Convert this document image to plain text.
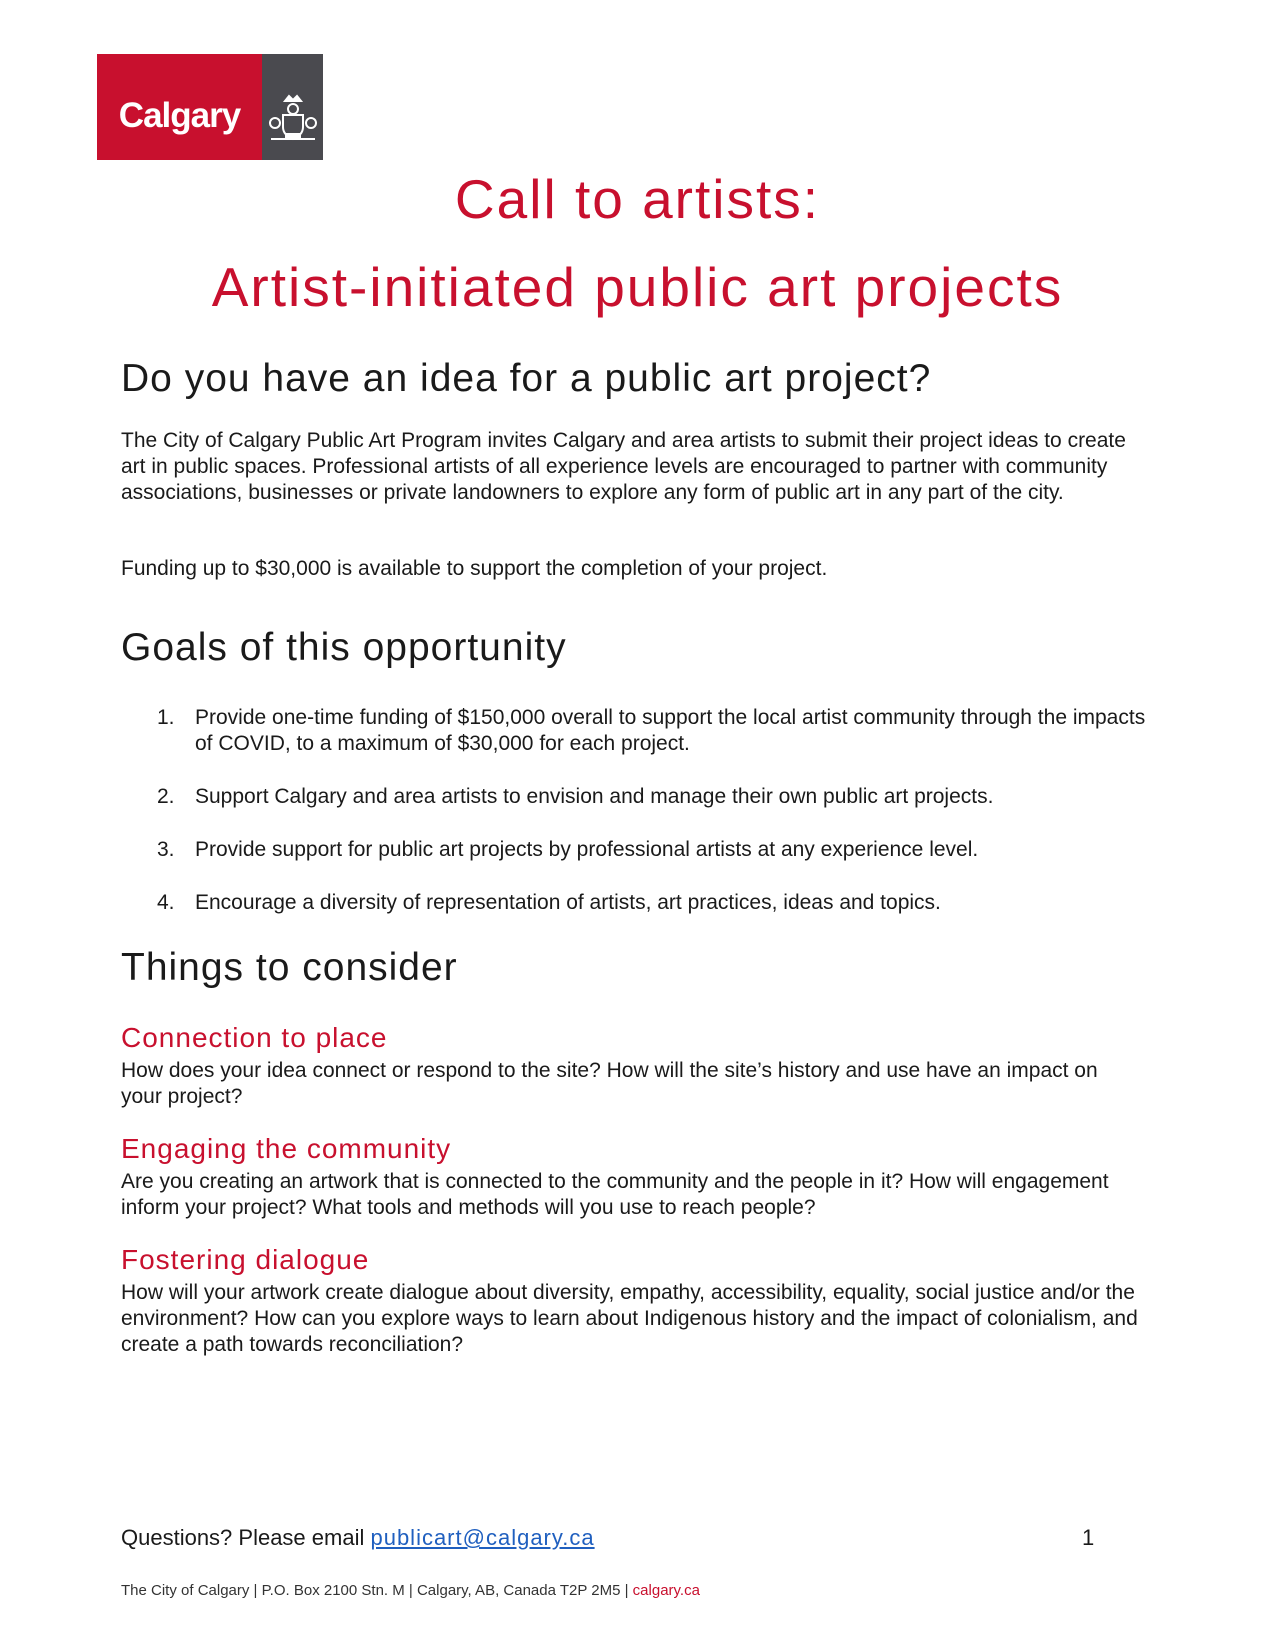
Calgary
Call to artists:
Artist-initiated public art projects
Do you have an idea for a public art project?

The City of Calgary Public Art Program invites Calgary and area artists to submit their project ideas to create art in public spaces. Professional artists of all experience levels are encouraged to partner with community associations, businesses or private landowners to explore any form of public art in any part of the city.

Funding up to $30,000 is available to support the completion of your project.

Goals of this opportunity
1. Provide one-time funding of $150,000 overall to support the local artist community through the impacts of COVID, to a maximum of $30,000 for each project.
2. Support Calgary and area artists to envision and manage their own public art projects.
3. Provide support for public art projects by professional artists at any experience level.
4. Encourage a diversity of representation of artists, art practices, ideas and topics.
Things to consider
Connection to place

How does your idea connect or respond to the site? How will the site’s history and use have an impact on your project?

Engaging the community

Are you creating an artwork that is connected to the community and the people in it? How will engagement inform your project? What tools and methods will you use to reach people?

Fostering dialogue

How will your artwork create dialogue about diversity, empathy, accessibility, equality, social justice and/or the environment? How can you explore ways to learn about Indigenous history and the impact of colonialism, and create a path towards reconciliation?

Questions? Please email publicart@calgary.ca	1
The City of Calgary | P.O. Box 2100 Stn. M | Calgary, AB, Canada T2P 2M5 | calgary.ca
